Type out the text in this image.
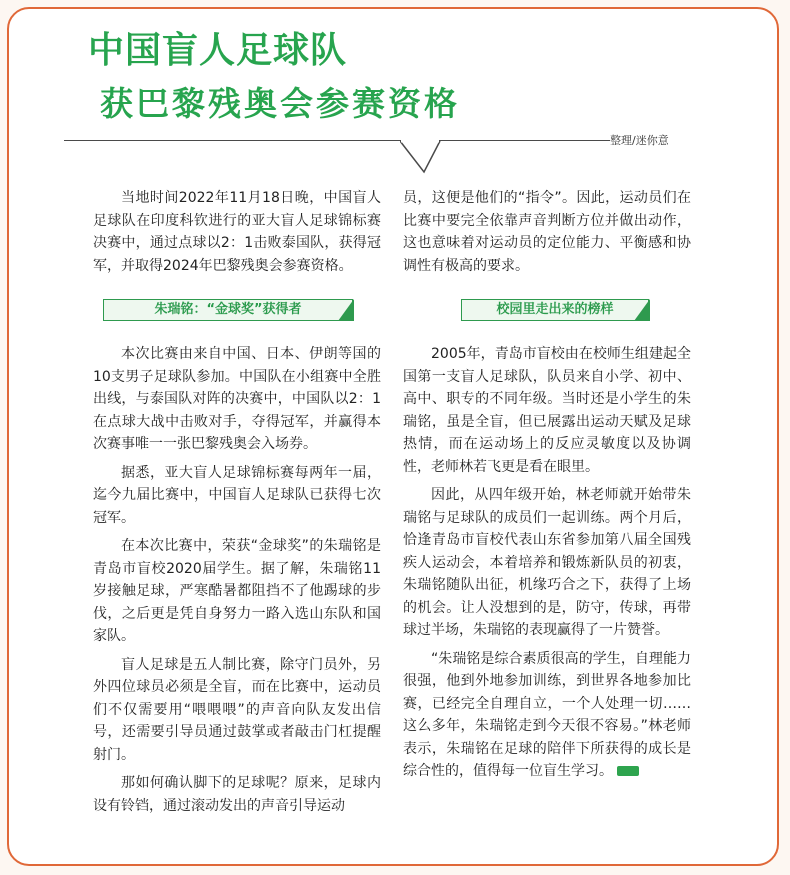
中国盲人足球队
获巴黎残奥会参赛资格
整理/迷你意

当地时间2022年11月18日晚，中国盲人足球队在印度科钦进行的亚大盲人足球锦标赛决赛中，通过点球以2：1击败泰国队，获得冠军，并取得2024年巴黎残奥会参赛资格。

朱瑞铭：“金球奖”获得者

本次比赛由来自中国、日本、伊朗等国的10支男子足球队参加。中国队在小组赛中全胜出线，与泰国队对阵的决赛中，中国队以2：1在点球大战中击败对手，夺得冠军，并赢得本次赛事唯一一张巴黎残奥会入场券。

据悉，亚大盲人足球锦标赛每两年一届，迄今九届比赛中，中国盲人足球队已获得七次冠军。

在本次比赛中，荣获“金球奖”的朱瑞铭是青岛市盲校2020届学生。据了解，朱瑞铭11岁接触足球，严寒酷暑都阻挡不了他踢球的步伐，之后更是凭自身努力一路入选山东队和国家队。

盲人足球是五人制比赛，除守门员外，另外四位球员必须是全盲，而在比赛中，运动员们不仅需要用“喂喂喂”的声音向队友发出信号，还需要引导员通过鼓掌或者敲击门杠提醒射门。

那如何确认脚下的足球呢？原来，足球内设有铃铛，通过滚动发出的声音引导运动

员，这便是他们的“指令”。因此，运动员们在比赛中要完全依靠声音判断方位并做出动作，这也意味着对运动员的定位能力、平衡感和协调性有极高的要求。

校园里走出来的榜样

2005年，青岛市盲校由在校师生组建起全国第一支盲人足球队，队员来自小学、初中、高中、职专的不同年级。当时还是小学生的朱瑞铭，虽是全盲，但已展露出运动天赋及足球热情，而在运动场上的反应灵敏度以及协调性，老师林若飞更是看在眼里。

因此，从四年级开始，林老师就开始带朱瑞铭与足球队的成员们一起训练。两个月后，恰逢青岛市盲校代表山东省参加第八届全国残疾人运动会，本着培养和锻炼新队员的初衷，朱瑞铭随队出征，机缘巧合之下，获得了上场的机会。让人没想到的是，防守，传球，再带球过半场，朱瑞铭的表现赢得了一片赞誉。

“朱瑞铭是综合素质很高的学生，自理能力很强，他到外地参加训练，到世界各地参加比赛，已经完全自理自立，一个人处理一切……这么多年，朱瑞铭走到今天很不容易。”林老师表示，朱瑞铭在足球的陪伴下所获得的成长是综合性的，值得每一位盲生学习。
